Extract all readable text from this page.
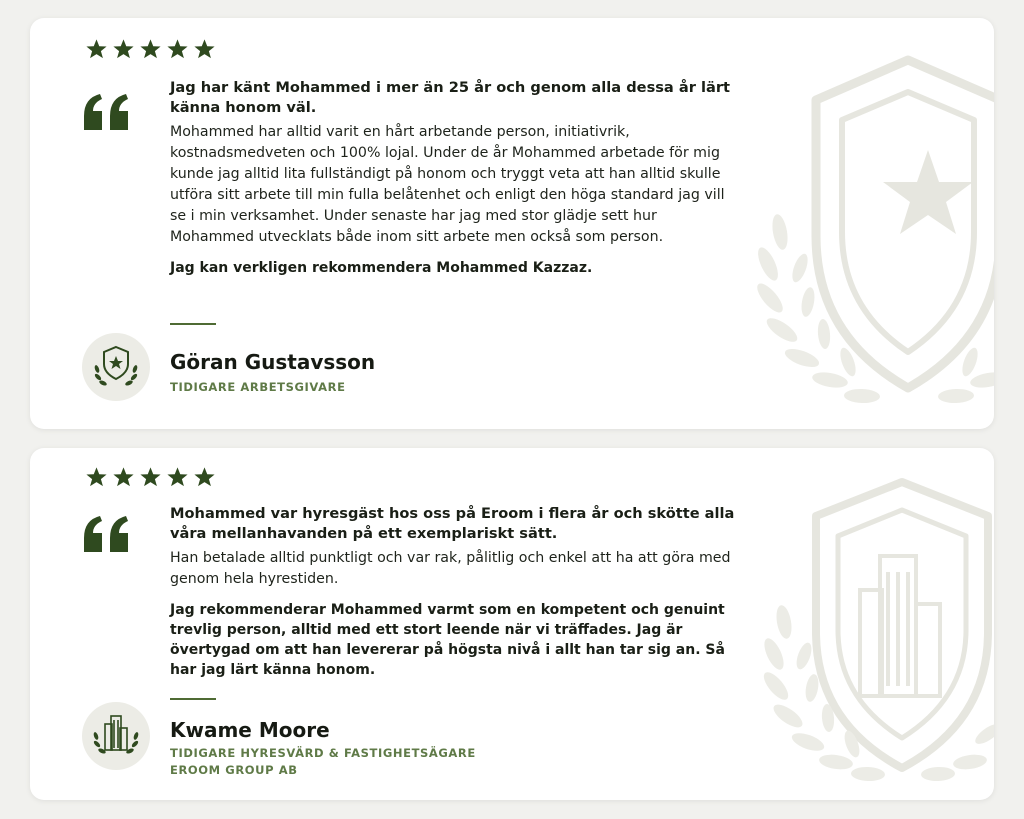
Jag har känt Mohammed i mer än 25 år och genom alla dessa år lärt känna honom väl.

Mohammed har alltid varit en hårt arbetande person, initiativrik, kostnadsmedveten och 100% lojal. Under de år Mohammed arbetade för mig kunde jag alltid lita fullständigt på honom och tryggt veta att han alltid skulle utföra sitt arbete till min fulla belåtenhet och enligt den höga standard jag vill se i min verksamhet. Under senaste har jag med stor glädje sett hur Mohammed utvecklats både inom sitt arbete men också som person.

Jag kan verkligen rekommendera Mohammed Kazzaz.

Göran Gustavsson
TIDIGARE ARBETSGIVARE

Mohammed var hyresgäst hos oss på Eroom i flera år och skötte alla våra mellanhavanden på ett exemplariskt sätt.

Han betalade alltid punktligt och var rak, pålitlig och enkel att ha att göra med genom hela hyrestiden.

Jag rekommenderar Mohammed varmt som en kompetent och genuint trevlig person, alltid med ett stort leende när vi träffades. Jag är övertygad om att han levererar på högsta nivå i allt han tar sig an. Så har jag lärt känna honom.

Kwame Moore
TIDIGARE HYRESVÄRD & FASTIGHETSÄGARE
EROOM GROUP AB
